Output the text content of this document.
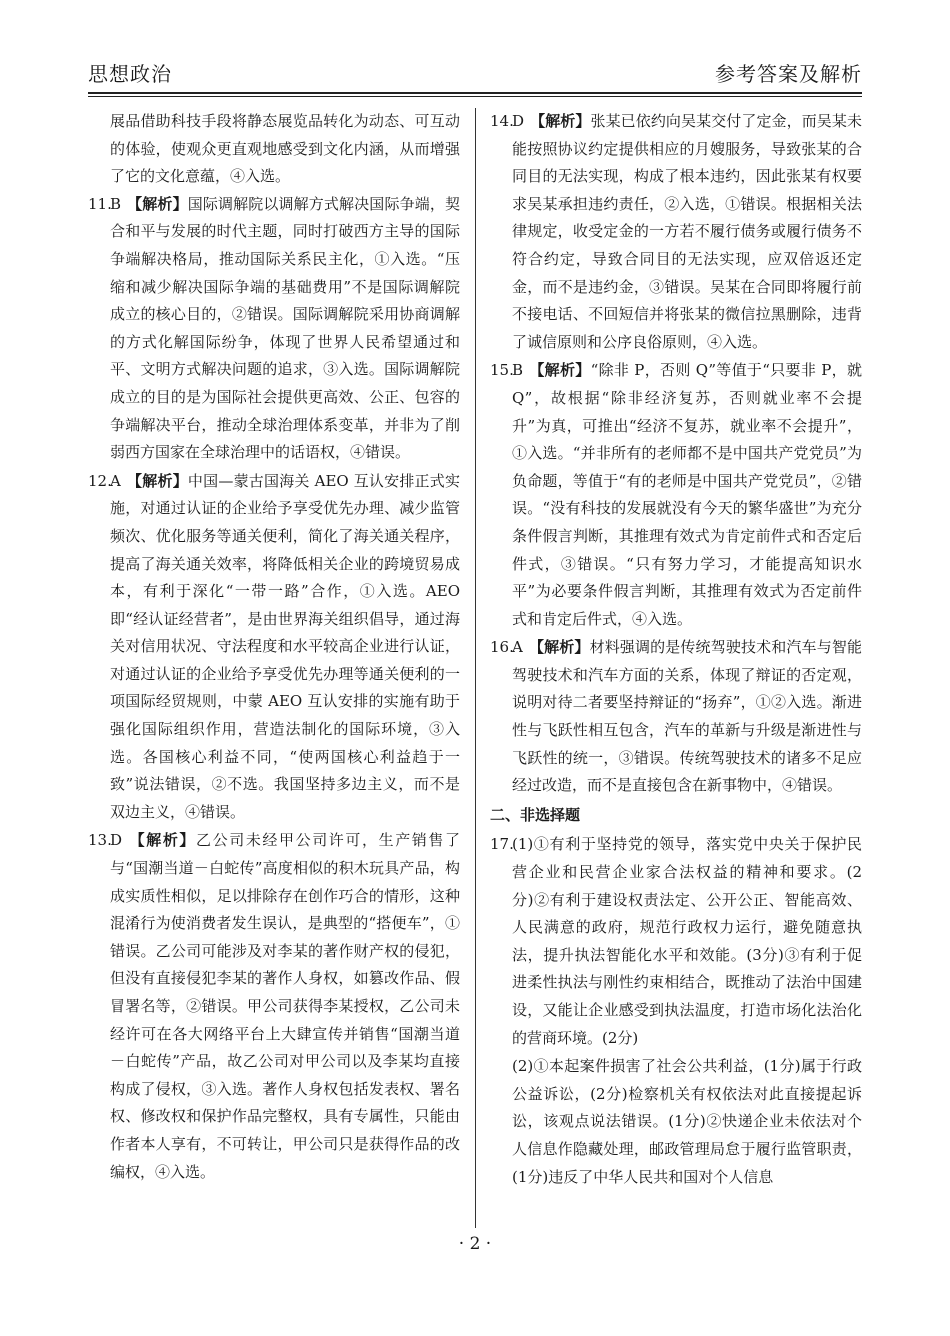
思想政治	参考答案及解析
展品借助科技手段将静态展览品转化为动态、可互动的体验，使观众更直观地感受到文化内涵，从而增强了它的文化意蕴，④入选。
11.B 【解析】国际调解院以调解方式解决国际争端，契合和平与发展的时代主题，同时打破西方主导的国际争端解决格局，推动国际关系民主化，①入选。“压缩和减少解决国际争端的基础费用”不是国际调解院成立的核心目的，②错误。国际调解院采用协商调解的方式化解国际纷争，体现了世界人民希望通过和平、文明方式解决问题的追求，③入选。国际调解院成立的目的是为国际社会提供更高效、公正、包容的争端解决平台，推动全球治理体系变革，并非为了削弱西方国家在全球治理中的话语权，④错误。
12.A 【解析】中国—蒙古国海关 AEO 互认安排正式实施，对通过认证的企业给予享受优先办理、减少监管频次、优化服务等通关便利，简化了海关通关程序，提高了海关通关效率，将降低相关企业的跨境贸易成本，有利于深化“一带一路”合作，①入选。AEO 即“经认证经营者”，是由世界海关组织倡导，通过海关对信用状况、守法程度和水平较高企业进行认证，对通过认证的企业给予享受优先办理等通关便利的一项国际经贸规则，中蒙 AEO 互认安排的实施有助于强化国际组织作用，营造法制化的国际环境，③入选。各国核心利益不同，“使两国核心利益趋于一致”说法错误，②不选。我国坚持多边主义，而不是双边主义，④错误。
13.D 【解析】乙公司未经甲公司许可，生产销售了与“国潮当道－白蛇传”高度相似的积木玩具产品，构成实质性相似，足以排除存在创作巧合的情形，这种混淆行为使消费者发生误认，是典型的“搭便车”，①错误。乙公司可能涉及对李某的著作财产权的侵犯，但没有直接侵犯李某的著作人身权，如篡改作品、假冒署名等，②错误。甲公司获得李某授权，乙公司未经许可在各大网络平台上大肆宣传并销售“国潮当道－白蛇传”产品，故乙公司对甲公司以及李某均直接构成了侵权，③入选。著作人身权包括发表权、署名权、修改权和保护作品完整权，具有专属性，只能由作者本人享有，不可转让，甲公司只是获得作品的改编权，④入选。
14.D 【解析】张某已依约向吴某交付了定金，而吴某未能按照协议约定提供相应的月嫂服务，导致张某的合同目的无法实现，构成了根本违约，因此张某有权要求吴某承担违约责任，②入选，①错误。根据相关法律规定，收受定金的一方若不履行债务或履行债务不符合约定，导致合同目的无法实现，应双倍返还定金，而不是违约金，③错误。吴某在合同即将履行前不接电话、不回短信并将张某的微信拉黑删除，违背了诚信原则和公序良俗原则，④入选。
15.B 【解析】“除非 P，否则 Q”等值于“只要非 P，就 Q”，故根据“除非经济复苏，否则就业率不会提升”为真，可推出“经济不复苏，就业率不会提升”，①入选。“并非所有的老师都不是中国共产党党员”为负命题，等值于“有的老师是中国共产党党员”，②错误。“没有科技的发展就没有今天的繁华盛世”为充分条件假言判断，其推理有效式为肯定前件式和否定后件式，③错误。“只有努力学习，才能提高知识水平”为必要条件假言判断，其推理有效式为否定前件式和肯定后件式，④入选。
16.A 【解析】材料强调的是传统驾驶技术和汽车与智能驾驶技术和汽车方面的关系，体现了辩证的否定观，说明对待二者要坚持辩证的“扬弃”，①②入选。渐进性与飞跃性相互包含，汽车的革新与升级是渐进性与飞跃性的统一，③错误。传统驾驶技术的诸多不足应经过改造，而不是直接包含在新事物中，④错误。
二、非选择题
17.(1)①有利于坚持党的领导，落实党中央关于保护民营企业和民营企业家合法权益的精神和要求。(2分)②有利于建设权责法定、公开公正、智能高效、人民满意的政府，规范行政权力运行，避免随意执法，提升执法智能化水平和效能。(3分)③有利于促进柔性执法与刚性约束相结合，既推动了法治中国建设，又能让企业感受到执法温度，打造市场化法治化的营商环境。(2分)
(2)①本起案件损害了社会公共利益，(1分)属于行政公益诉讼，(2分)检察机关有权依法对此直接提起诉讼，该观点说法错误。(1分)②快递企业未依法对个人信息作隐藏处理，邮政管理局怠于履行监管职责，(1分)违反了中华人民共和国对个人信息
· 2 ·
